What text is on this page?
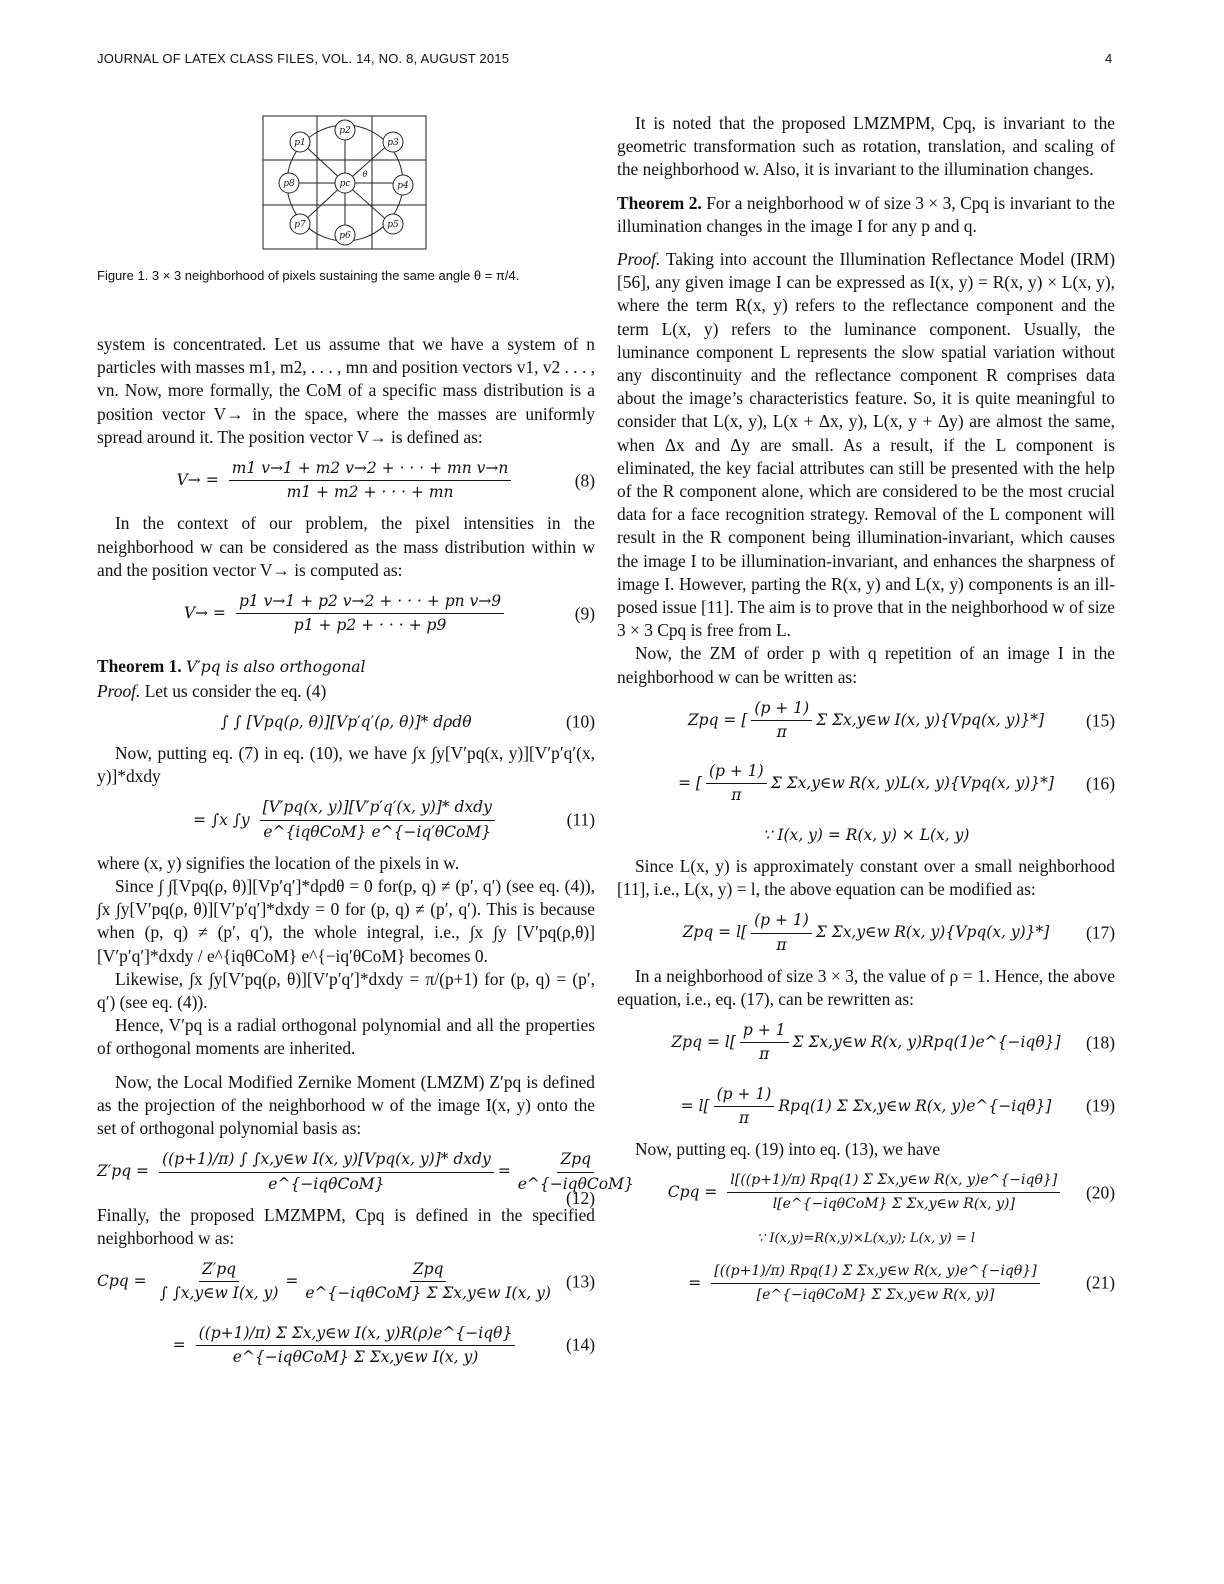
JOURNAL OF LATEX CLASS FILES, VOL. 14, NO. 8, AUGUST 2015	4
p1
p2
p3
p8	pc	p4
p7
p6
p5
θ
Figure 1. 3 × 3 neighborhood of pixels sustaining the same angle θ = π/4.

system is concentrated. Let us assume that we have a system of n particles with masses m1, m2, . . . , mn and position vectors v1, v2 . . . , vn. Now, more formally, the CoM of a specific mass distribution is a position vector V→ in the space, where the masses are uniformly spread around it. The position vector V→ is defined as:

$V\to = \frac{\text{m1 v→1 + m2 v→2 + · · · + mn v→n}}{m1 + m2 + \cdot \cdot \cdot + mn}$	(8)

In the context of our problem, the pixel intensities in the neighborhood w can be considered as the mass distribution within w and the position vector V→ is computed as:

$V\to = \frac{\text{p1 v→1 + p2 v→2 + · · · + pn v→9}}{p1 + p2 + \cdot \cdot \cdot + p9}$	(9)

Theorem 1. V′pq is also orthogonal

Proof. Let us consider the eq. (4)

∫ ∫ [Vpq(ρ, θ)][Vp′q′(ρ, θ)]* dρdθ	(10)

Now, putting eq. (7) in eq. (10), we have ∫x ∫y[V′pq(x, y)][V′p′q′(x, y)]*dxdy

= ∫x $\int y \frac{\text{[V′pq(x, y)][V′p′q′(x, y)]* dxdy}}{\text{e\textasciicircum{}\{iqθCoM\} e\textasciicircum{}\{−iq′θCoM\}}}$	(11)

where (x, y) signifies the location of the pixels in w.

Since ∫ ∫[Vpq(ρ, θ)][Vp′q′]*dρdθ = 0 for(p, q) ≠ (p′, q′) (see eq. (4)), ∫x ∫y[V′pq(ρ, θ)][V′p′q′]*dxdy = 0 for (p, q) ≠ (p′, q′). This is because when (p, q) ≠ (p′, q′), the whole integral, i.e., ∫x ∫y [V′pq(ρ,θ)][V′p′q′]*dxdy / e^{iqθCoM} e^{−iq′θCoM} becomes 0.

Likewise, ∫x ∫y[V′pq(ρ, θ)][V′p′q′]*dxdy = π/(p+1) for (p, q) = (p′, q′) (see eq. (4)).

Hence, V′pq is a radial orthogonal polynomial and all the properties of orthogonal moments are inherited.

Now, the Local Modified Zernike Moment (LMZM) Z′pq is defined as the projection of the neighborhood w of the image I(x, y) onto the set of orthogonal polynomial basis as:

$Z'pq = \frac{\text{((p+1)/π) ∫ ∫x,y∈w I(x, y)[Vpq(x, y)]* dxdy}}{\text{e\textasciicircum{}\{−iqθCoM\}}} = \frac{\text{Zpq}}{\text{e\textasciicircum{}\{−iqθCoM\}}}$
(12)

Finally, the proposed LMZMPM, Cpq is defined in the specified neighborhood w as:

Cpq = $\frac{Z'pq}{\text{∫ ∫x,y∈w I(x, y)}} = \frac{\text{Zpq}}{\text{e\textasciicircum{}\{−iqθCoM\} Σ Σx,y∈w I(x, y)}} (13)$
= $\frac{\text{((p+1)/π) Σ Σx,y∈w I(x, y)R(ρ)e\textasciicircum{}\{−iqθ\}}}{\text{e\textasciicircum{}\{−iqθCoM\} Σ Σx,y∈w I(x, y)}}$	(14)

It is noted that the proposed LMZMPM, Cpq, is invariant to the geometric transformation such as rotation, translation, and scaling of the neighborhood w. Also, it is invariant to the illumination changes.

Theorem 2. For a neighborhood w of size 3 × 3, Cpq is invariant to the illumination changes in the image I for any p and q.

Proof. Taking into account the Illumination Reflectance Model (IRM) [56], any given image I can be expressed as I(x, y) = R(x, y) × L(x, y), where the term R(x, y) refers to the reflectance component and the term L(x, y) refers to the luminance component. Usually, the luminance component L represents the slow spatial variation without any discontinuity and the reflectance component R comprises data about the image’s characteristics feature. So, it is quite meaningful to consider that L(x, y), L(x + Δx, y), L(x, y + Δy) are almost the same, when Δx and Δy are small. As a result, if the L component is eliminated, the key facial attributes can still be presented with the help of the R component alone, which are considered to be the most crucial data for a face recognition strategy. Removal of the L component will result in the R component being illumination-invariant, which causes the image I to be illumination-invariant, and enhances the sharpness of image I. However, parting the R(x, y) and L(x, y) components is an ill-posed issue [11]. The aim is to prove that in the neighborhood w of size 3 × 3 Cpq is free from L.

Now, the ZM of order p with q repetition of an image I in the neighborhood w can be written as:

Zpq = [ $\frac{(p + 1)}{\pi}$ Σ Σx,y∈w
I(x, y){Vpq(x, y)}*] (15)
= [ $\frac{(p + 1)}{\pi}$ Σ Σx,y∈w
R(x, y)L(x, y){Vpq(x, y)}*] (16)
∵ I(x, y) = R(x, y) × L(x, y)

Since L(x, y) is approximately constant over a small neighborhood [11], i.e., L(x, y) = l, the above equation can be modified as:

Zpq = $l[ \frac{(p + 1)}{\pi}$ Σ Σx,y∈w
R(x, y){Vpq(x, y)}*] (17)

In a neighborhood of size 3 × 3, the value of ρ = 1. Hence, the above equation, i.e., eq. (17), can be rewritten as:

Zpq = $l[ \frac{p + 1}{\pi}$ Σ Σx,y∈w
R(x, y)Rpq(1)e^{−iqθ}] (18)
= $l[ \frac{(p + 1)}{\pi} Rpq(1)$ Σ Σx,y∈w
R(x, y)e^{−iqθ}] (19)

Now, putting eq. (19) into eq. (13), we have

Cpq = $\frac{\text{l[((p+1)/π) Rpq(1) Σ Σx,y∈w R(x, y)e\textasciicircum{}\{−iqθ\}]}}{\text{l[e\textasciicircum{}\{−iqθCoM\} Σ Σx,y∈w R(x, y)]}} (20)$
∵ I(x,y)=R(x,y)×L(x,y); L(x, y) = l
= $\frac{\text{[((p+1)/π) Rpq(1) Σ Σx,y∈w R(x, y)e\textasciicircum{}\{−iqθ\}]}}{\text{[e\textasciicircum{}\{−iqθCoM\} Σ Σx,y∈w R(x, y)]}}$	(21)
